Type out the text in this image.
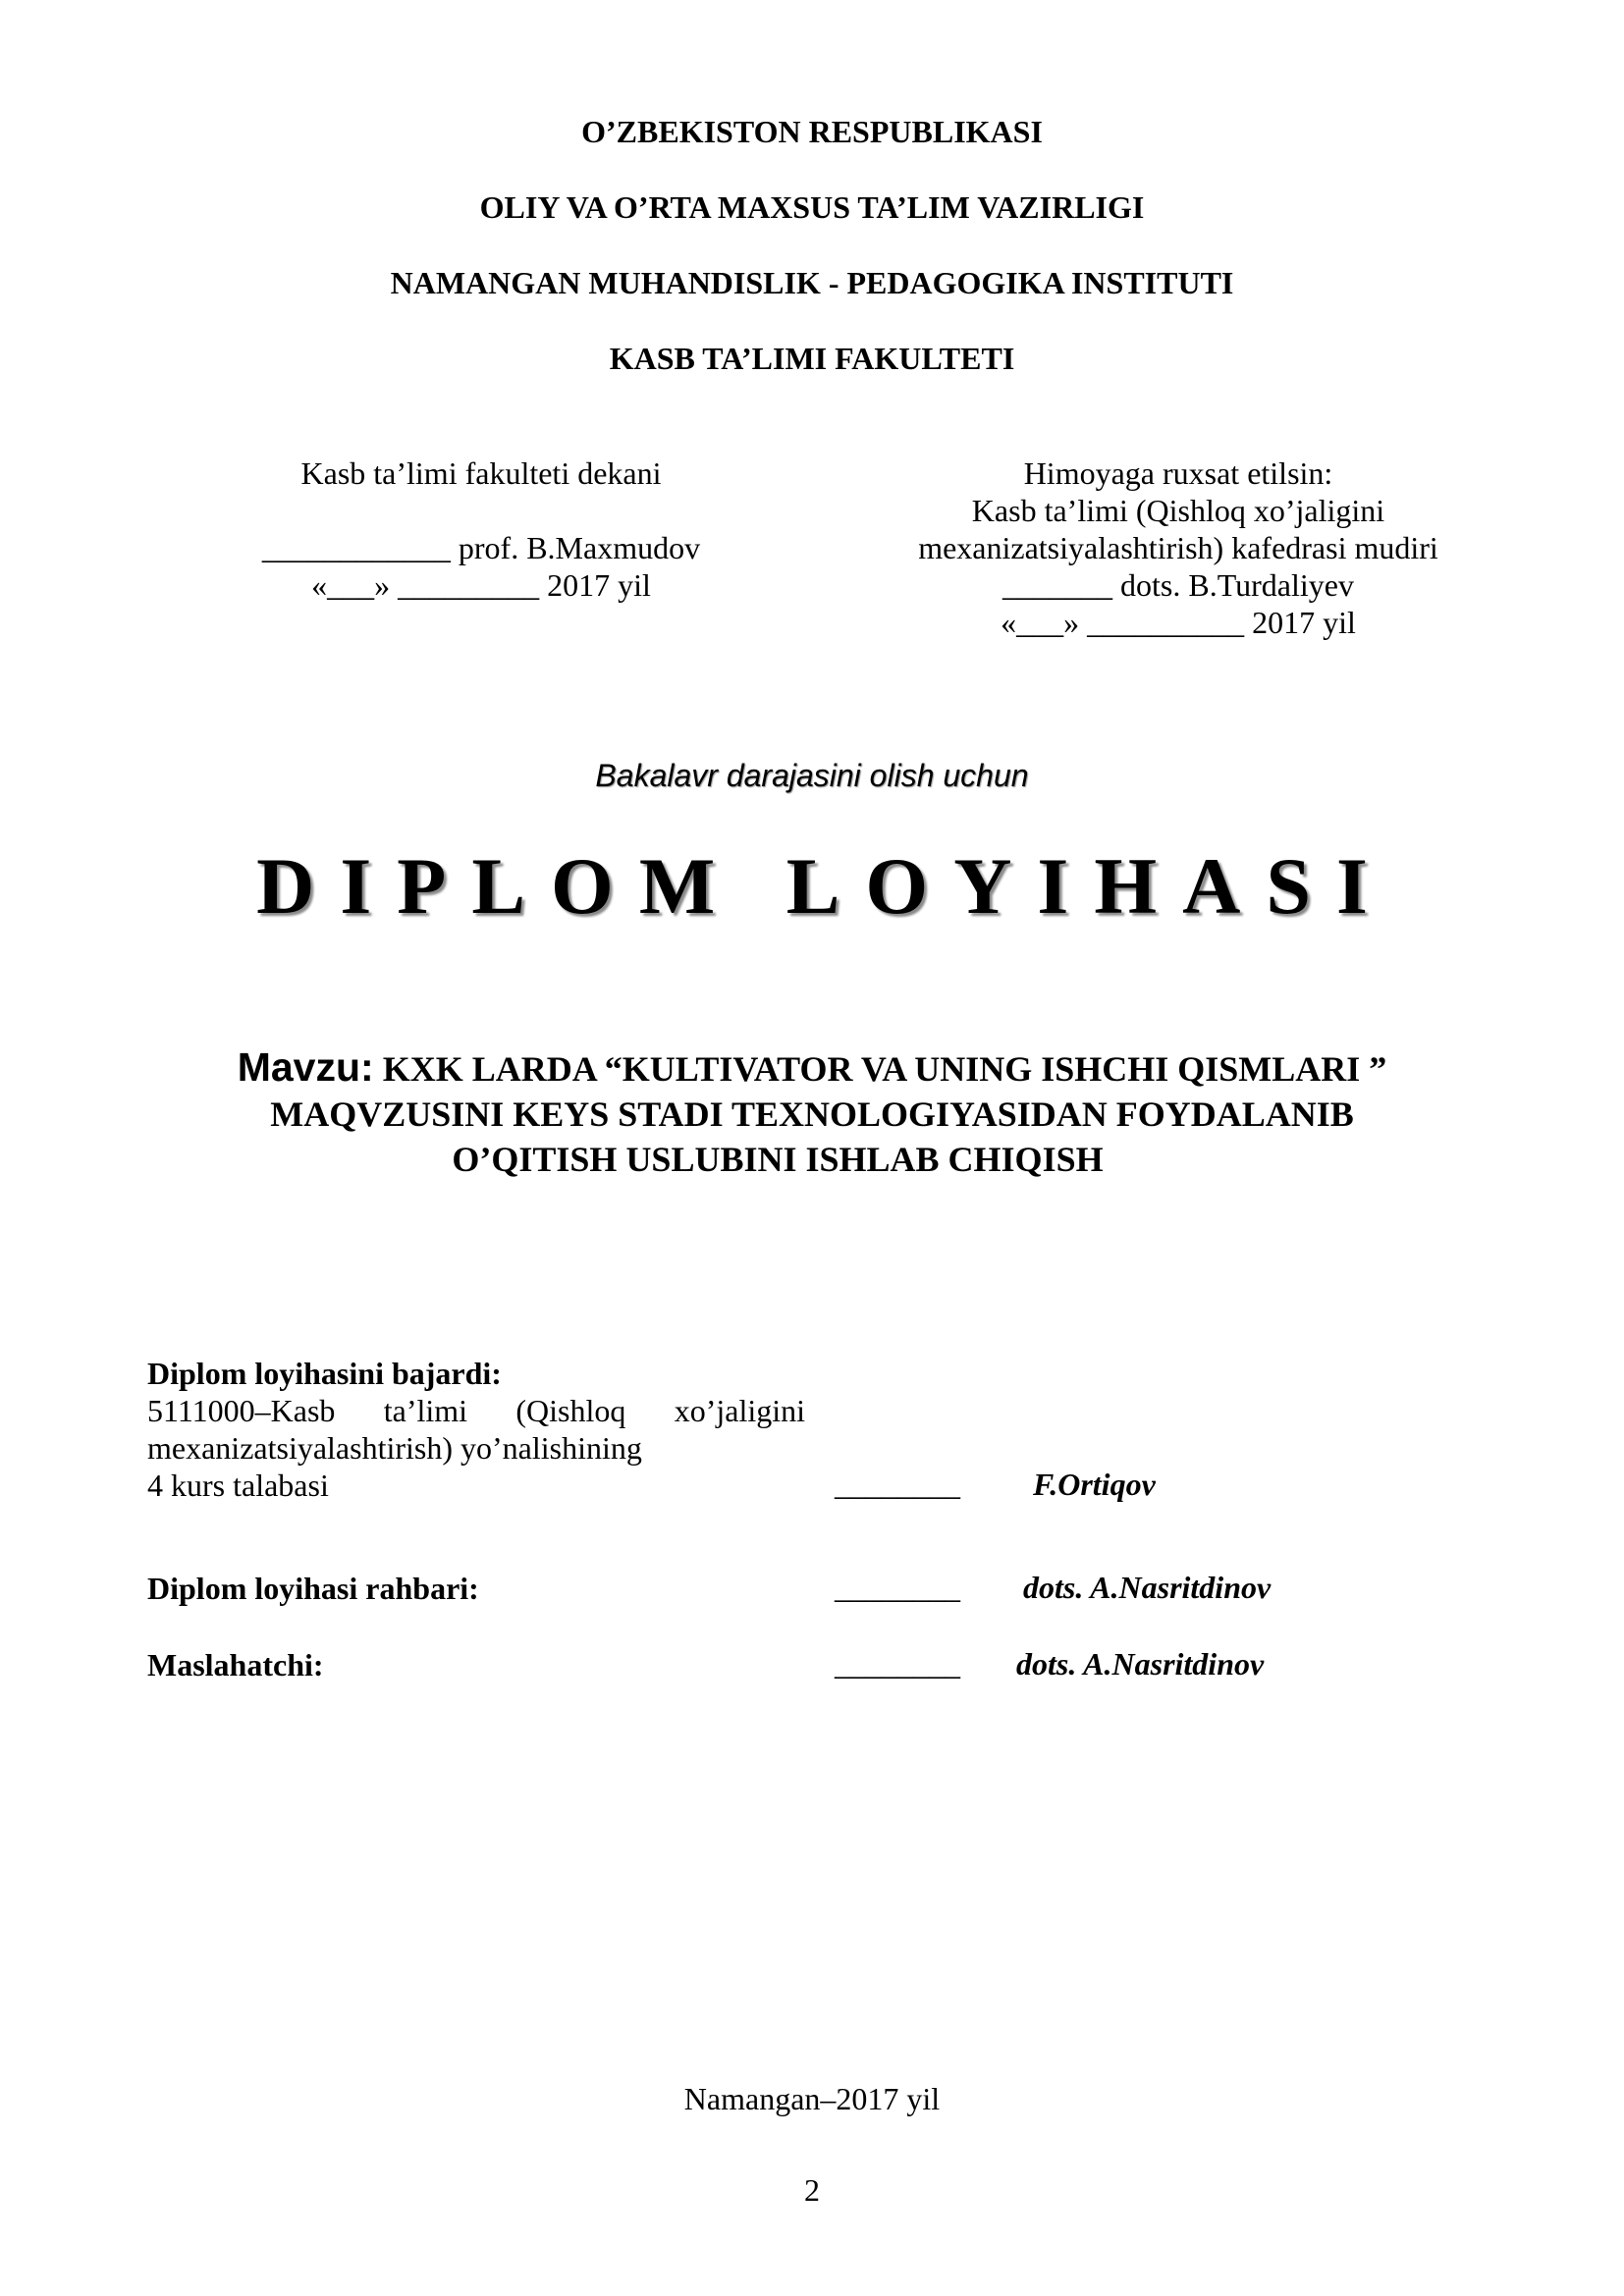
O’ZBEKISTON RESPUBLIKASI
OLIY VA O’RTA MAXSUS TA’LIM VAZIRLIGI
NAMANGAN MUHANDISLIK - PEDAGOGIKA INSTITUTI
KASB TA’LIMI FAKULTETI
Kasb ta’limi fakulteti dekani
____________ prof. B.Maxmudov
«___» _________ 2017 yil
Himoyaga ruxsat etilsin:
Kasb ta’limi (Qishloq xo’jaligini
mexanizatsiyalashtirish) kafedrasi mudiri
_______ dots. B.Turdaliyev
«___» __________ 2017 yil
Bakalavr darajasini olish uchun
DIPLOM LOYIHASI
Mavzu: KXK LARDA “KULTIVATOR VA UNING ISHCHI QISMLARI ”
MAQVZUSINI KEYS STADI TEXNOLOGIYASIDAN FOYDALANIB
O’QITISH USLUBINI ISHLAB CHIQISH
Diplom loyihasini bajardi:
5111000–Kasb ta’limi (Qishloq xo’jaligini
mexanizatsiyalashtirish) yo’nalishining
4 kurs talabasi	________ F.Ortiqov
Diplom loyihasi rahbari:	________ dots. A.Nasritdinov
Maslahatchi:	________ dots. A.Nasritdinov
Namangan–2017 yil
2
